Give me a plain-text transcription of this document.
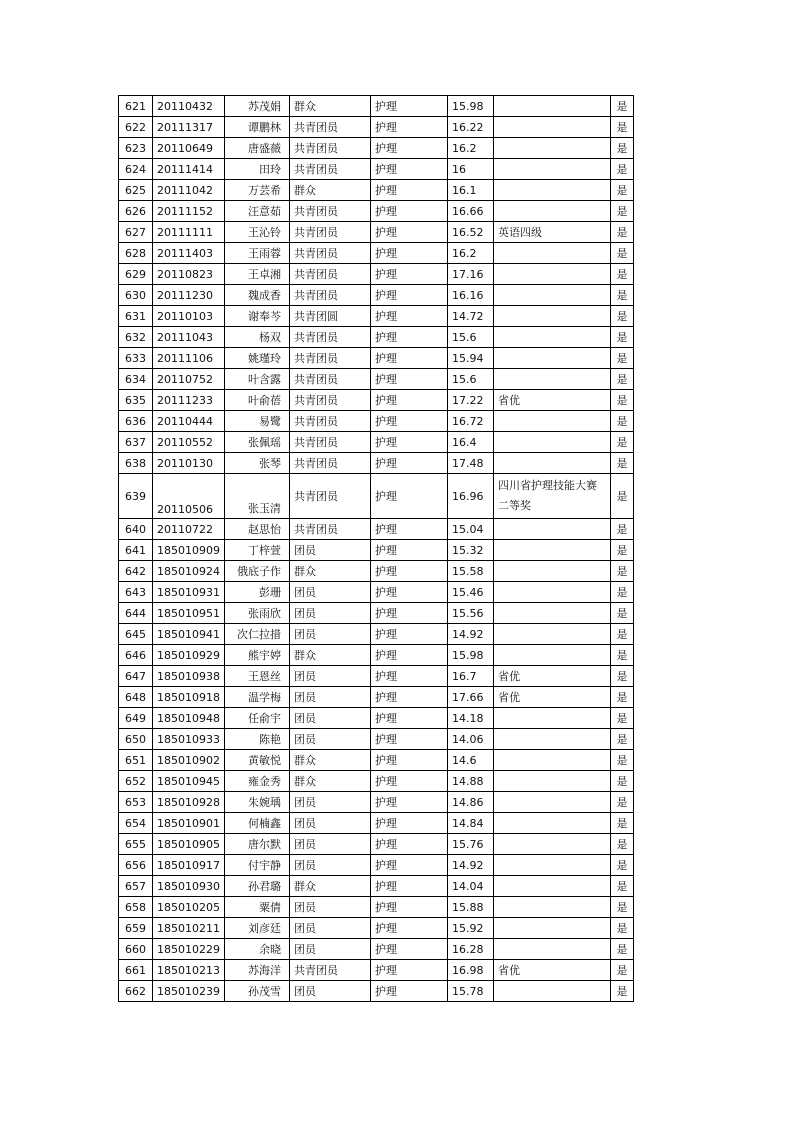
621	20110432	苏茂娟	群众	护理	15.98		是
622	20111317	谭鹏林	共青团员	护理	16.22		是
623	20110649	唐盛薇	共青团员	护理	16.2		是
624	20111414	田玲	共青团员	护理	16		是
625	20111042	万芸希	群众	护理	16.1		是
626	20111152	汪意茹	共青团员	护理	16.66		是
627	20111111	王沁铃	共青团员	护理	16.52	英语四级	是
628	20111403	王雨蓉	共青团员	护理	16.2		是
629	20110823	王卓湘	共青团员	护理	17.16		是
630	20111230	魏成香	共青团员	护理	16.16		是
631	20110103	谢奉芩	共青团圆	护理	14.72		是
632	20111043	杨双	共青团员	护理	15.6		是
633	20111106	姚瑾玲	共青团员	护理	15.94		是
634	20110752	叶含露	共青团员	护理	15.6		是
635	20111233	叶俞蓓	共青团员	护理	17.22	省优	是
636	20110444	易鹭	共青团员	护理	16.72		是
637	20110552	张佩瑶	共青团员	护理	16.4		是
638	20110130	张琴	共青团员	护理	17.48		是
639	20110506	张玉清	共青团员	护理	16.96	四川省护理技能大赛二等奖	是
640	20110722	赵思怡	共青团员	护理	15.04		是
641	185010909	丁梓萱	团员	护理	15.32		是
642	185010924	俄底子作	群众	护理	15.58		是
643	185010931	彭珊	团员	护理	15.46		是
644	185010951	张雨欣	团员	护理	15.56		是
645	185010941	次仁拉措	团员	护理	14.92		是
646	185010929	熊宇婷	群众	护理	15.98		是
647	185010938	王恩丝	团员	护理	16.7	省优	是
648	185010918	温学梅	团员	护理	17.66	省优	是
649	185010948	任俞宇	团员	护理	14.18		是
650	185010933	陈艳	团员	护理	14.06		是
651	185010902	黄敏悦	群众	护理	14.6		是
652	185010945	雍金秀	群众	护理	14.88		是
653	185010928	朱婉瑀	团员	护理	14.86		是
654	185010901	何楠鑫	团员	护理	14.84		是
655	185010905	唐尔默	团员	护理	15.76		是
656	185010917	付宇静	团员	护理	14.92		是
657	185010930	孙君璐	群众	护理	14.04		是
658	185010205	粟倩	团员	护理	15.88		是
659	185010211	刘彦廷	团员	护理	15.92		是
660	185010229	余晓	团员	护理	16.28		是
661	185010213	苏海洋	共青团员	护理	16.98	省优	是
662	185010239	孙茂雪	团员	护理	15.78		是
